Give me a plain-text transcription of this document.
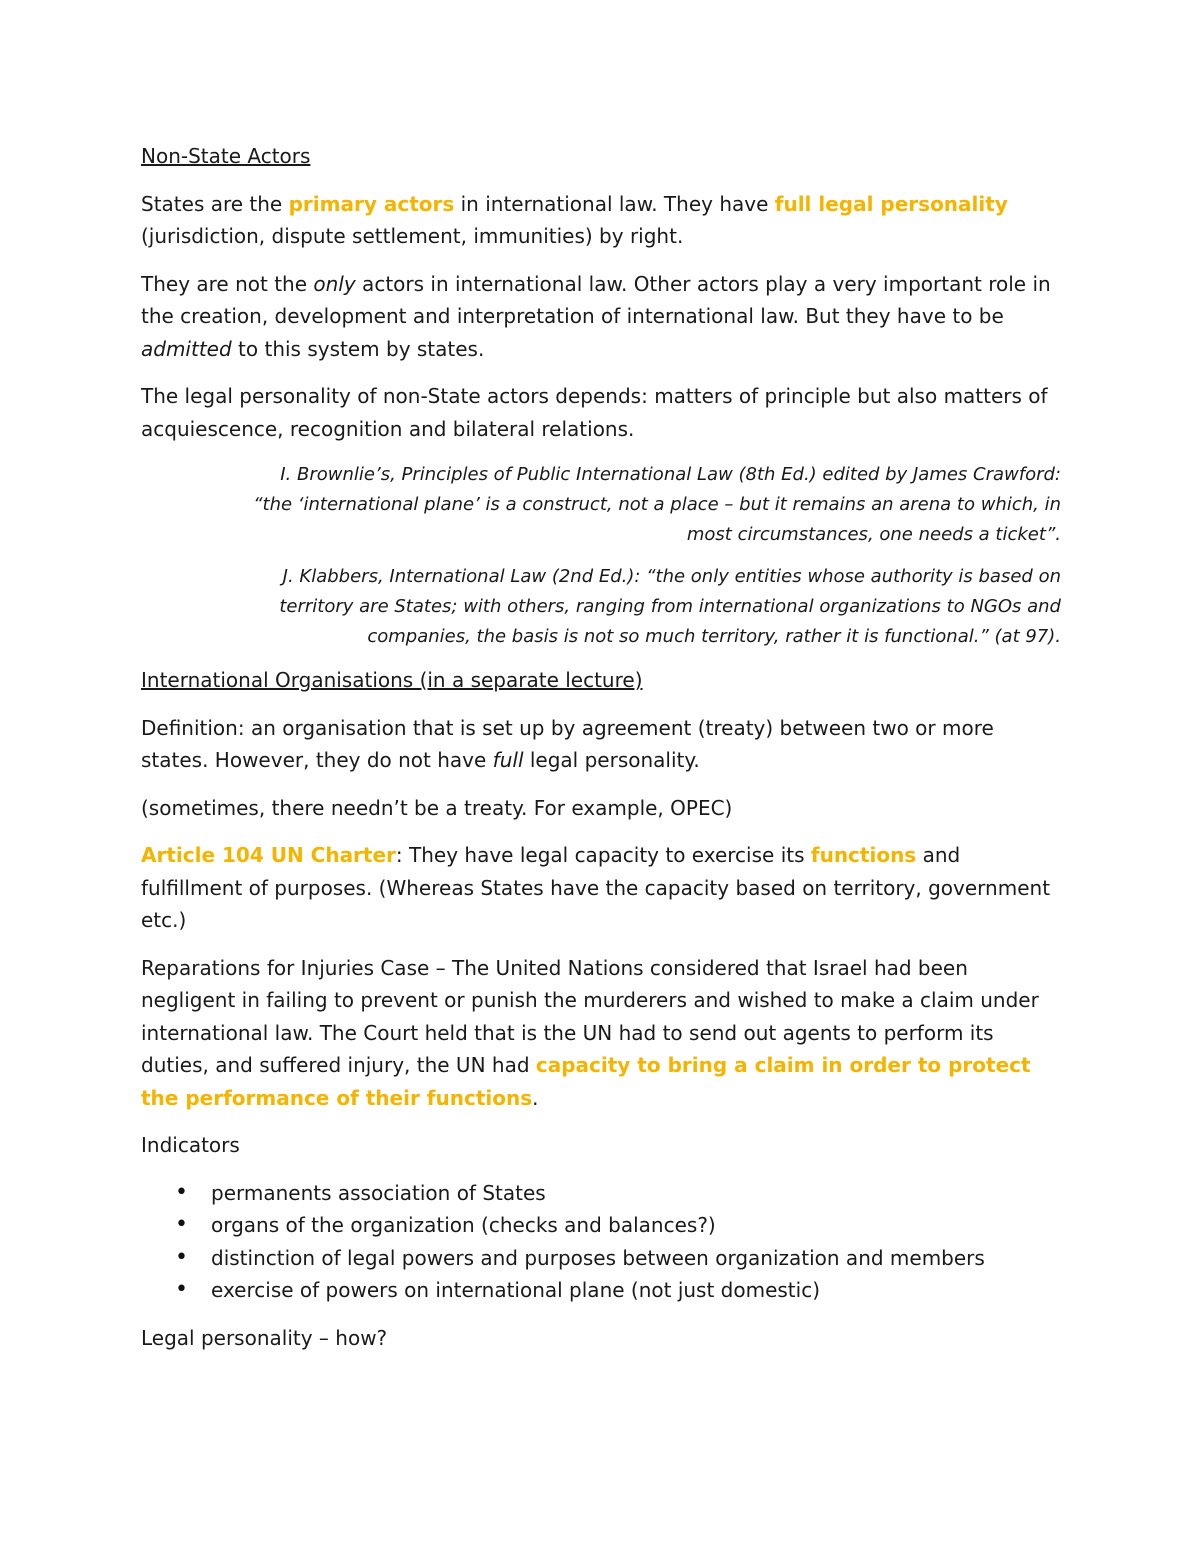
Non-State Actors

States are the primary actors in international law. They have full legal personality (jurisdiction, dispute settlement, immunities) by right.

They are not the only actors in international law. Other actors play a very important role in the creation, development and interpretation of international law. But they have to be admitted to this system by states.

The legal personality of non-State actors depends: matters of principle but also matters of acquiescence, recognition and bilateral relations.

I. Brownlie’s, Principles of Public International Law (8th Ed.) edited by James Crawford: “the ‘international plane’ is a construct, not a place – but it remains an arena to which, in most circumstances, one needs a ticket”.

J. Klabbers, International Law (2nd Ed.): “the only entities whose authority is based on territory are States; with others, ranging from international organizations to NGOs and companies, the basis is not so much territory, rather it is functional.” (at 97).

International Organisations (in a separate lecture)

Definition: an organisation that is set up by agreement (treaty) between two or more states. However, they do not have full legal personality.

(sometimes, there needn’t be a treaty. For example, OPEC)

Article 104 UN Charter: They have legal capacity to exercise its functions and fulfillment of purposes. (Whereas States have the capacity based on territory, government etc.)

Reparations for Injuries Case – The United Nations considered that Israel had been negligent in failing to prevent or punish the murderers and wished to make a claim under international law. The Court held that is the UN had to send out agents to perform its duties, and suffered injury, the UN had capacity to bring a claim in order to protect the performance of their functions.

Indicators

• permanents association of States
• organs of the organization (checks and balances?)
• distinction of legal powers and purposes between organization and members
• exercise of powers on international plane (not just domestic)

Legal personality – how?
